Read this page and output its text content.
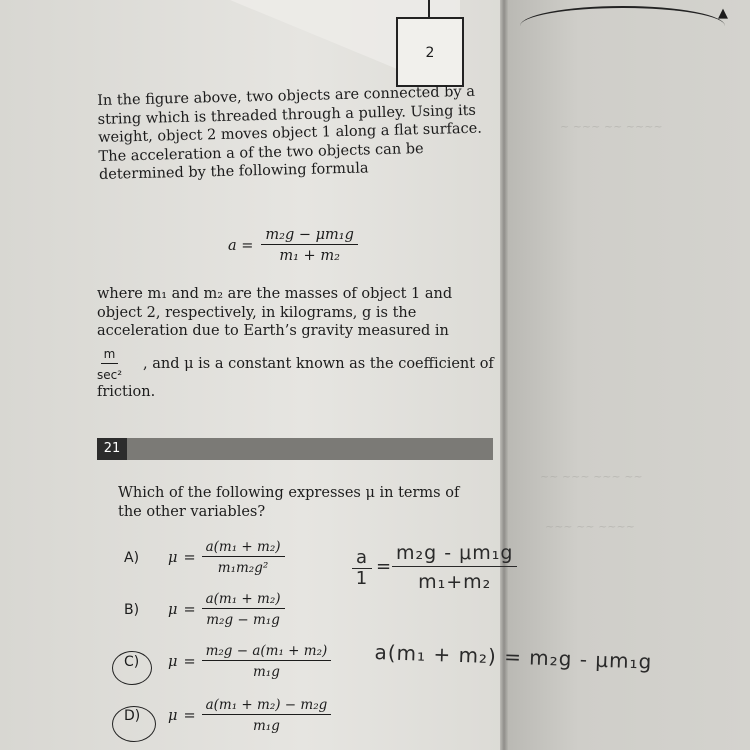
2
▲
~ ~~~ ~~ ~~~~
~~ ~~~ ~~~ ~~
~~~ ~~ ~~~~
In the figure above, two objects are connected by a string which is threaded through a pulley. Using its weight, object 2 moves object 1 along a flat surface. The acceleration a of the two objects can be determined by the following formula
$a = \frac{\text{m₂g − μm₁g}}{\text{m₁ + m₂}}$
where m₁ and m₂ are the masses of object 1 and object 2, respectively, in kilograms, g is the acceleration due to Earth’s gravity measured in
$\frac{m}{\text{sec²}}$ , and μ is a constant known as the coefficient of
friction.
21
Which of the following expresses μ in terms of the other variables?
A)	$\mu = \frac{\text{a(m₁ + m₂)}}{\text{m₁m₂g²}}$
B)	$\mu = \frac{\text{a(m₁ + m₂)}}{\text{m₂g − m₁g}}$
C)	$\mu = \frac{\text{m₂g − a(m₁ + m₂)}}{\text{m₁g}}$
D)	$\mu = \frac{\text{a(m₁ + m₂) − m₂g}}{\text{m₁g}}$
a
1
= $\frac{\text{m₂g - μm₁g}}{\text{m₁+m₂}}$
a(m₁ + m₂) = m₂g - μm₁g
